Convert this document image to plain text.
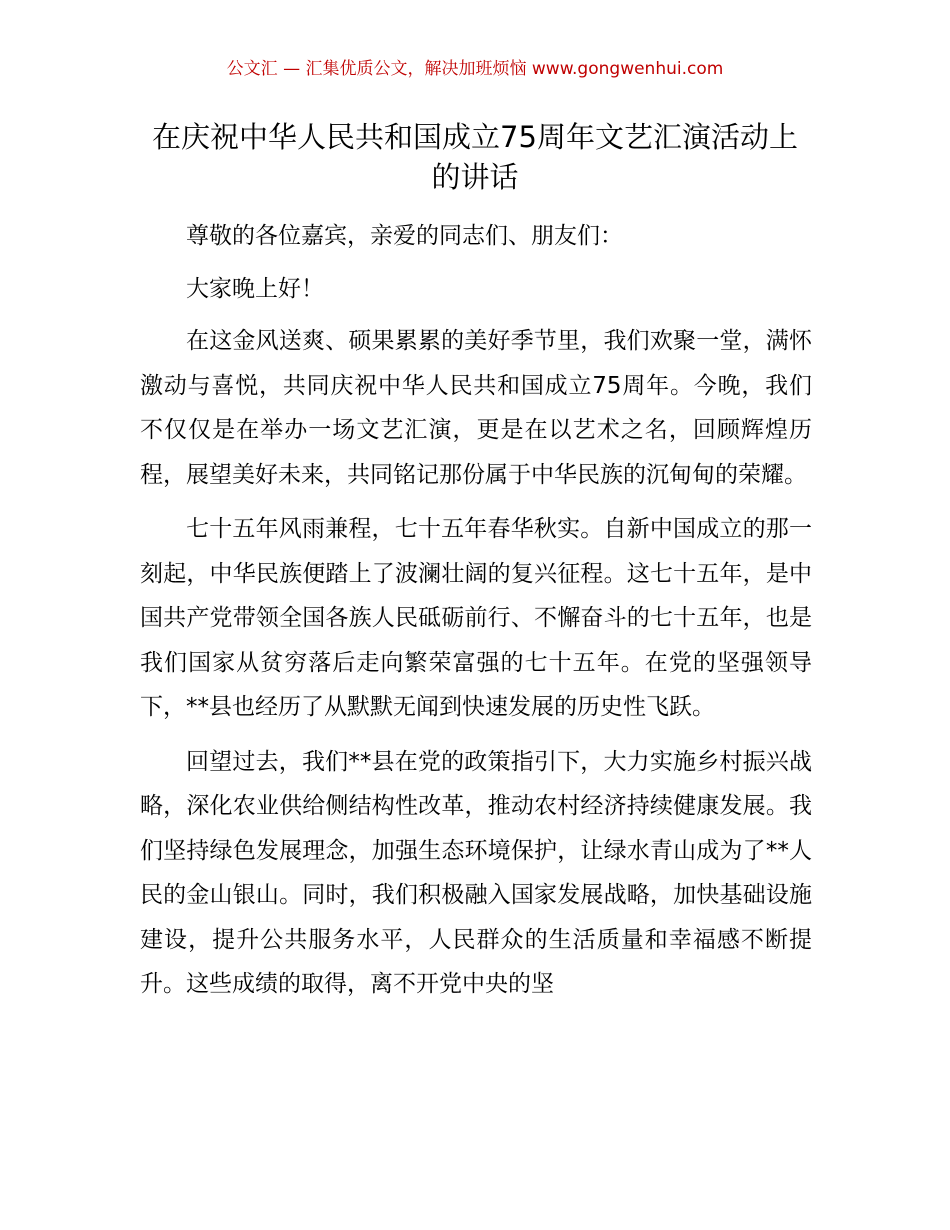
公文汇 — 汇集优质公文，解决加班烦恼 www.gongwenhui.com
在庆祝中华人民共和国成立75周年文艺汇演活动上的讲话

尊敬的各位嘉宾，亲爱的同志们、朋友们：

大家晚上好！

在这金风送爽、硕果累累的美好季节里，我们欢聚一堂，满怀激动与喜悦，共同庆祝中华人民共和国成立75周年。今晚，我们不仅仅是在举办一场文艺汇演，更是在以艺术之名，回顾辉煌历程，展望美好未来，共同铭记那份属于中华民族的沉甸甸的荣耀。

七十五年风雨兼程，七十五年春华秋实。自新中国成立的那一刻起，中华民族便踏上了波澜壮阔的复兴征程。这七十五年，是中国共产党带领全国各族人民砥砺前行、不懈奋斗的七十五年，也是我们国家从贫穷落后走向繁荣富强的七十五年。在党的坚强领导下，**县也经历了从默默无闻到快速发展的历史性飞跃。

回望过去，我们**县在党的政策指引下，大力实施乡村振兴战略，深化农业供给侧结构性改革，推动农村经济持续健康发展。我们坚持绿色发展理念，加强生态环境保护，让绿水青山成为了**人民的金山银山。同时，我们积极融入国家发展战略，加快基础设施建设，提升公共服务水平，人民群众的生活质量和幸福感不断提升。这些成绩的取得，离不开党中央的坚
